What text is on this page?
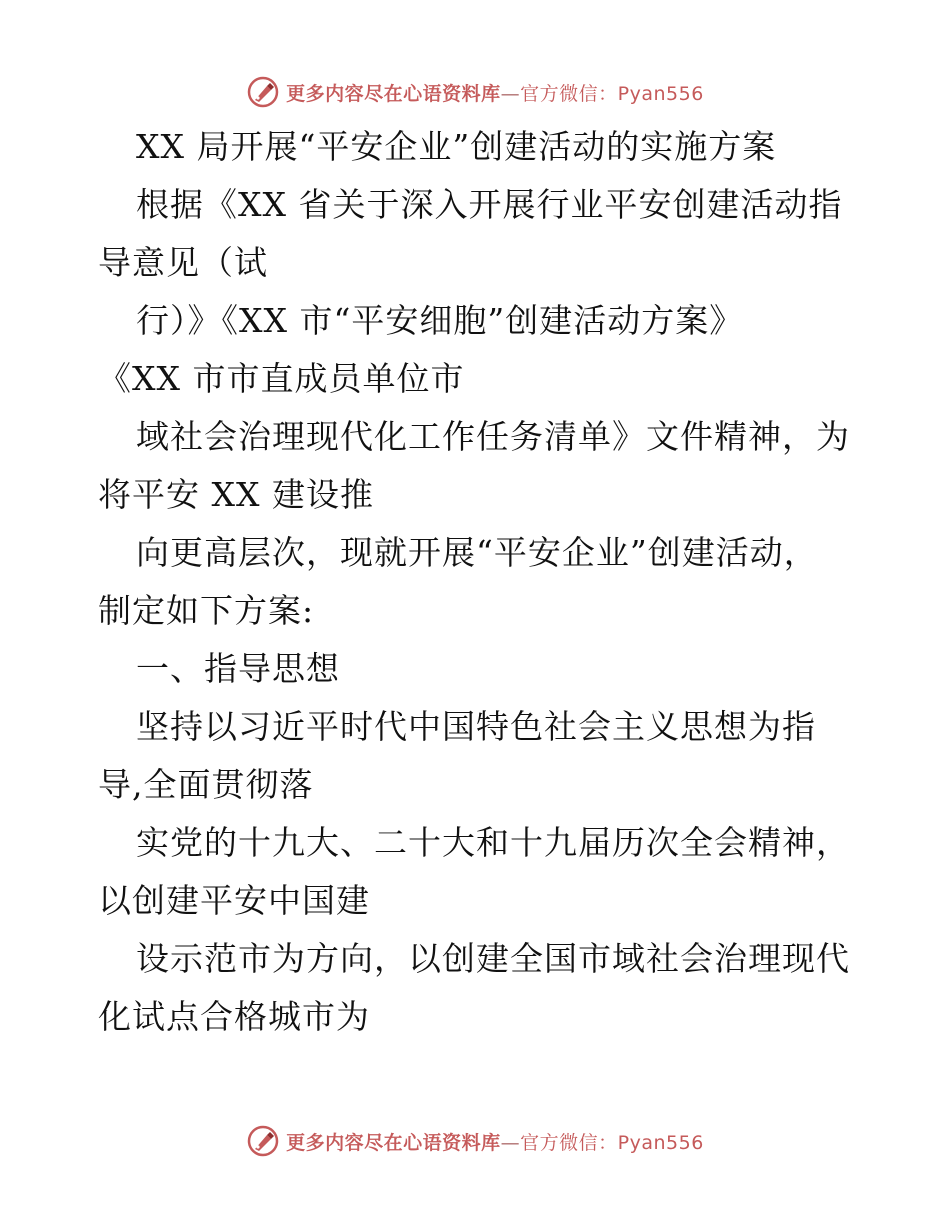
更多内容尽在心语资料库—官方微信：Pyan556
XX 局开展“平安企业”创建活动的实施方案
根据《XX 省关于深入开展行业平安创建活动指
导意见（试
行）》《XX 市“平安细胞”创建活动方案》
《XX 市市直成员单位市
域社会治理现代化工作任务清单》文件精神，为
将平安 XX 建设推
向更高层次，现就开展“平安企业”创建活动，
制定如下方案:
一、指导思想
坚持以习近平时代中国特色社会主义思想为指
导,全面贯彻落
实党的十九大、二十大和十九届历次全会精神，
以创建平安中国建
设示范市为方向，以创建全国市域社会治理现代
化试点合格城市为
更多内容尽在心语资料库—官方微信：Pyan556
